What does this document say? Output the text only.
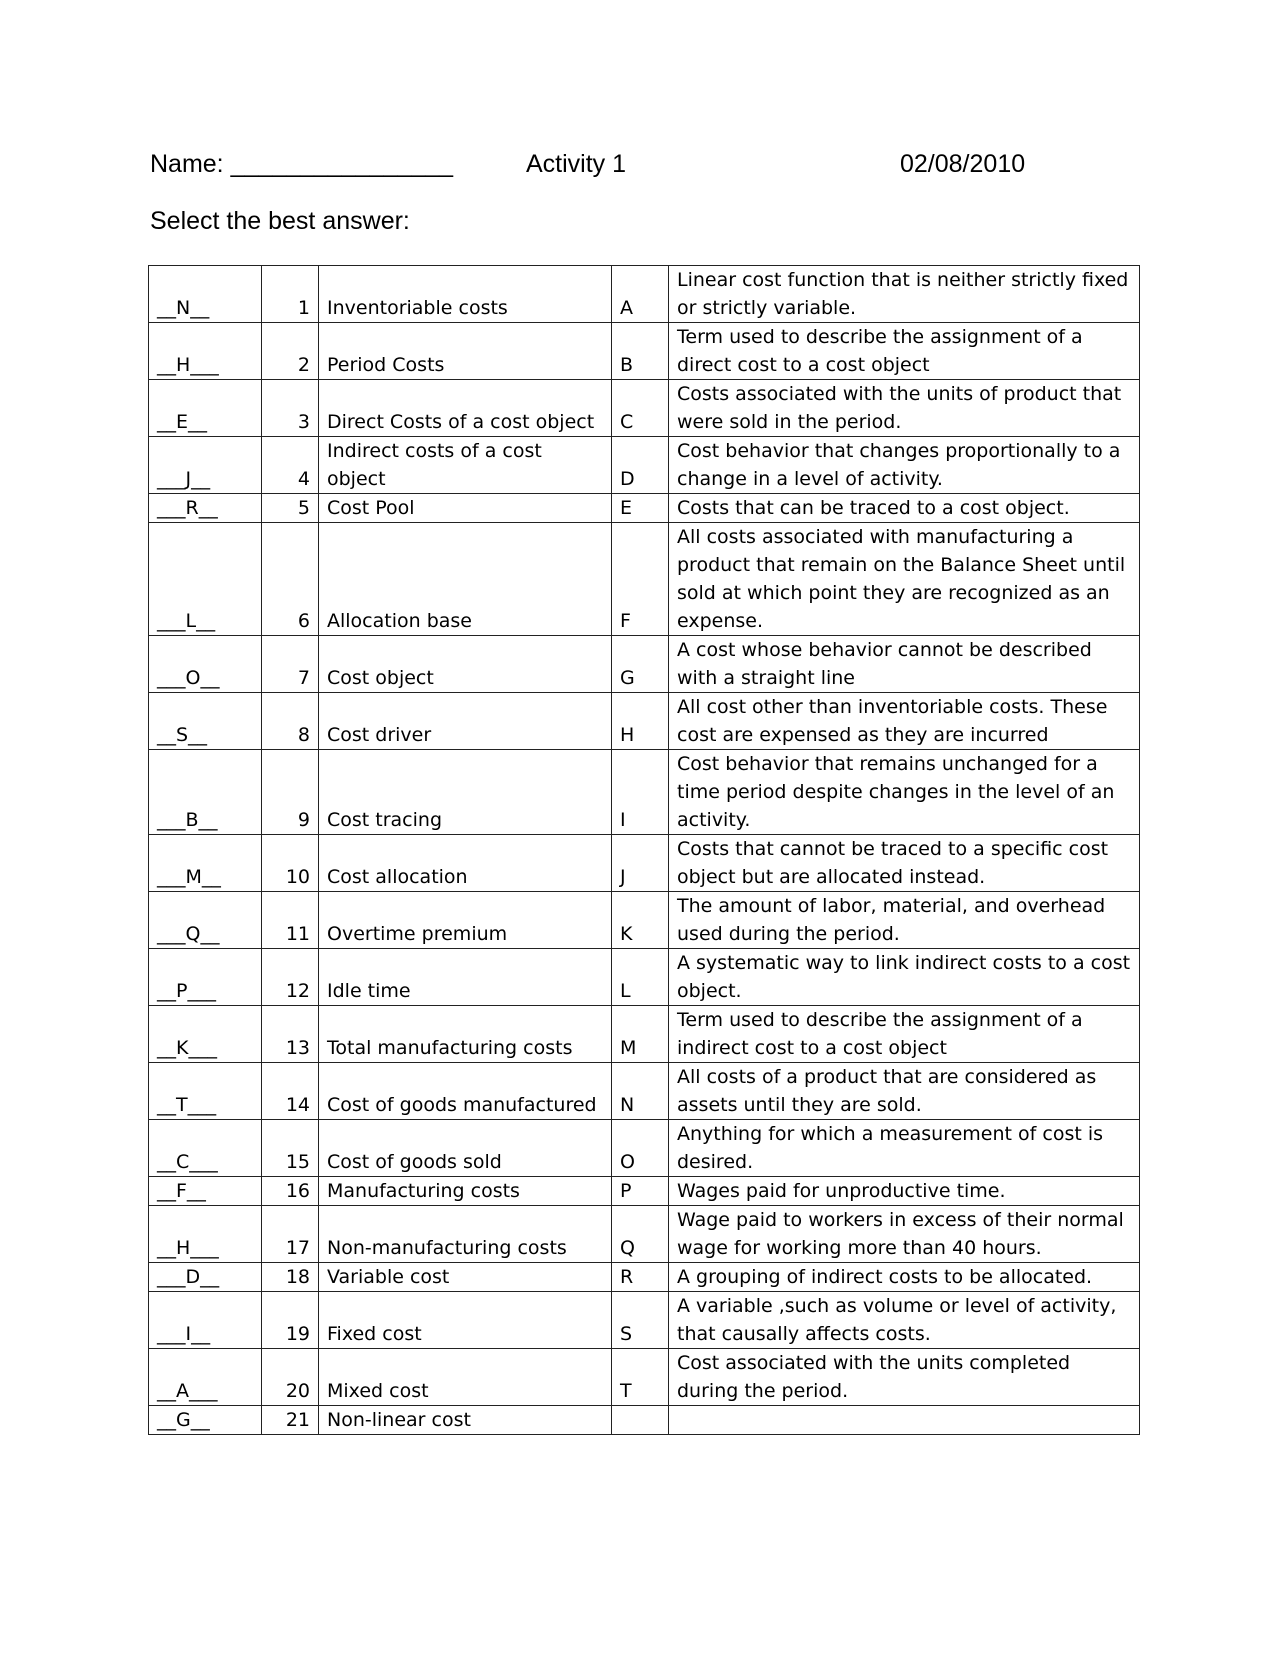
Name: ________________	Activity 1	02/08/2010
Select the best answer:
__N__	1	Inventoriable costs	A	Linear cost function that is neither strictly fixed or strictly variable.
__H___	2	Period Costs	B	Term used to describe the assignment of a direct cost to a cost object
__E__	3	Direct Costs of a cost object	C	Costs associated with the units of product that were sold in the period.
___J__	4	Indirect costs of a cost object	D	Cost behavior that changes proportionally to a change in a level of activity.
___R__	5	Cost Pool	E	Costs that can be traced to a cost object.
___L__	6	Allocation base	F	All costs associated with manufacturing a product that remain on the Balance Sheet until sold at which point they are recognized as an expense.
___O__	7	Cost object	G	A cost whose behavior cannot be described with a straight line
__S__	8	Cost driver	H	All cost other than inventoriable costs. These cost are expensed as they are incurred
___B__	9	Cost tracing	I	Cost behavior that remains unchanged for a time period despite changes in the level of an activity.
___M__	10	Cost allocation	J	Costs that cannot be traced to a specific cost object but are allocated instead.
___Q__	11	Overtime premium	K	The amount of labor, material, and overhead used during the period.
__P___	12	Idle time	L	A systematic way to link indirect costs to a cost object.
__K___	13	Total manufacturing costs	M	Term used to describe the assignment of a indirect cost to a cost object
__T___	14	Cost of goods manufactured	N	All costs of a product that are considered as assets until they are sold.
__C___	15	Cost of goods sold	O	Anything for which a measurement of cost is desired.
__F__	16	Manufacturing costs	P	Wages paid for unproductive time.
__H___	17	Non-manufacturing costs	Q	Wage paid to workers in excess of their normal wage for working more than 40 hours.
___D__	18	Variable cost	R	A grouping of indirect costs to be allocated.
___I__	19	Fixed cost	S	A variable ,such as volume or level of activity, that causally affects costs.
__A___	20	Mixed cost	T	Cost associated with the units completed during the period.
__G__	21	Non-linear cost		
